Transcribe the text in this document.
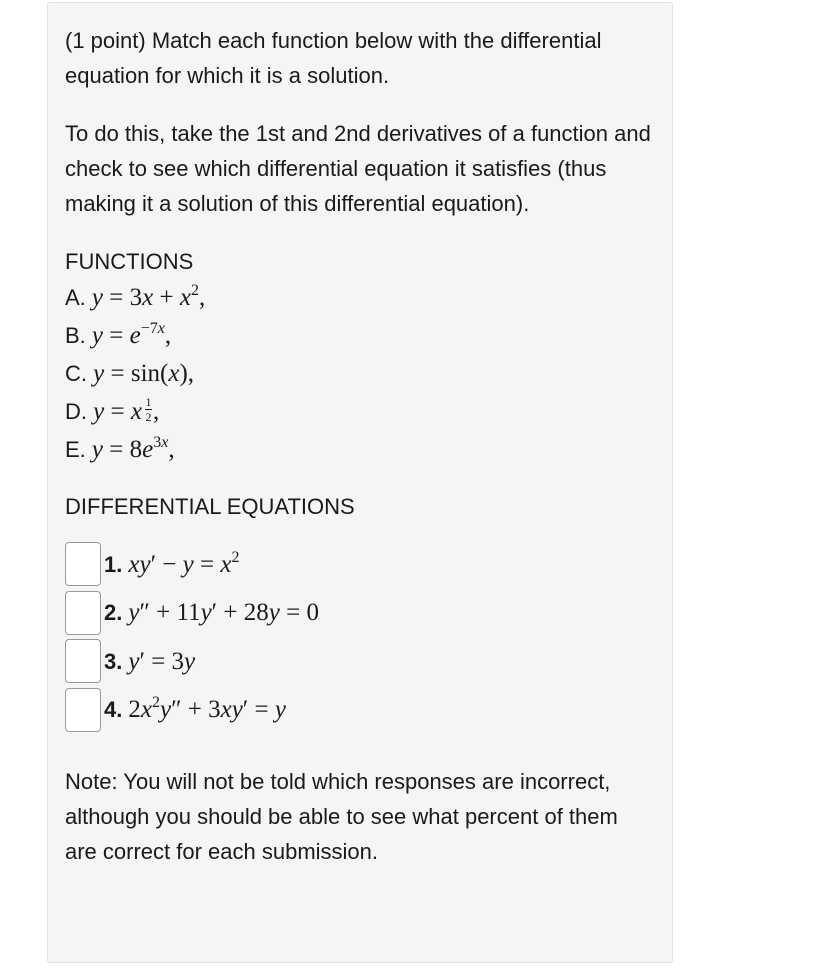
(1 point) Match each function below with the differential equation for which it is a solution.

To do this, take the 1st and 2nd derivatives of a function and check to see which differential equation it satisfies (thus making it a solution of this differential equation).

FUNCTIONS

A. $y = 3x + x^2$,
B. $y = e^{-7x}$,
C. y = sin(x),
D. y = x $\frac{1}{2}$ ,
E. $y = 8e^{3x}$,

DIFFERENTIAL EQUATIONS

1. $xy' - y = x^2$
2. y″ + 11y′ + 28y = 0
3. y′ = 3y
4. $2x^2y'' + 3xy' = y$

Note: You will not be told which responses are incorrect, although you should be able to see what percent of them are correct for each submission.
